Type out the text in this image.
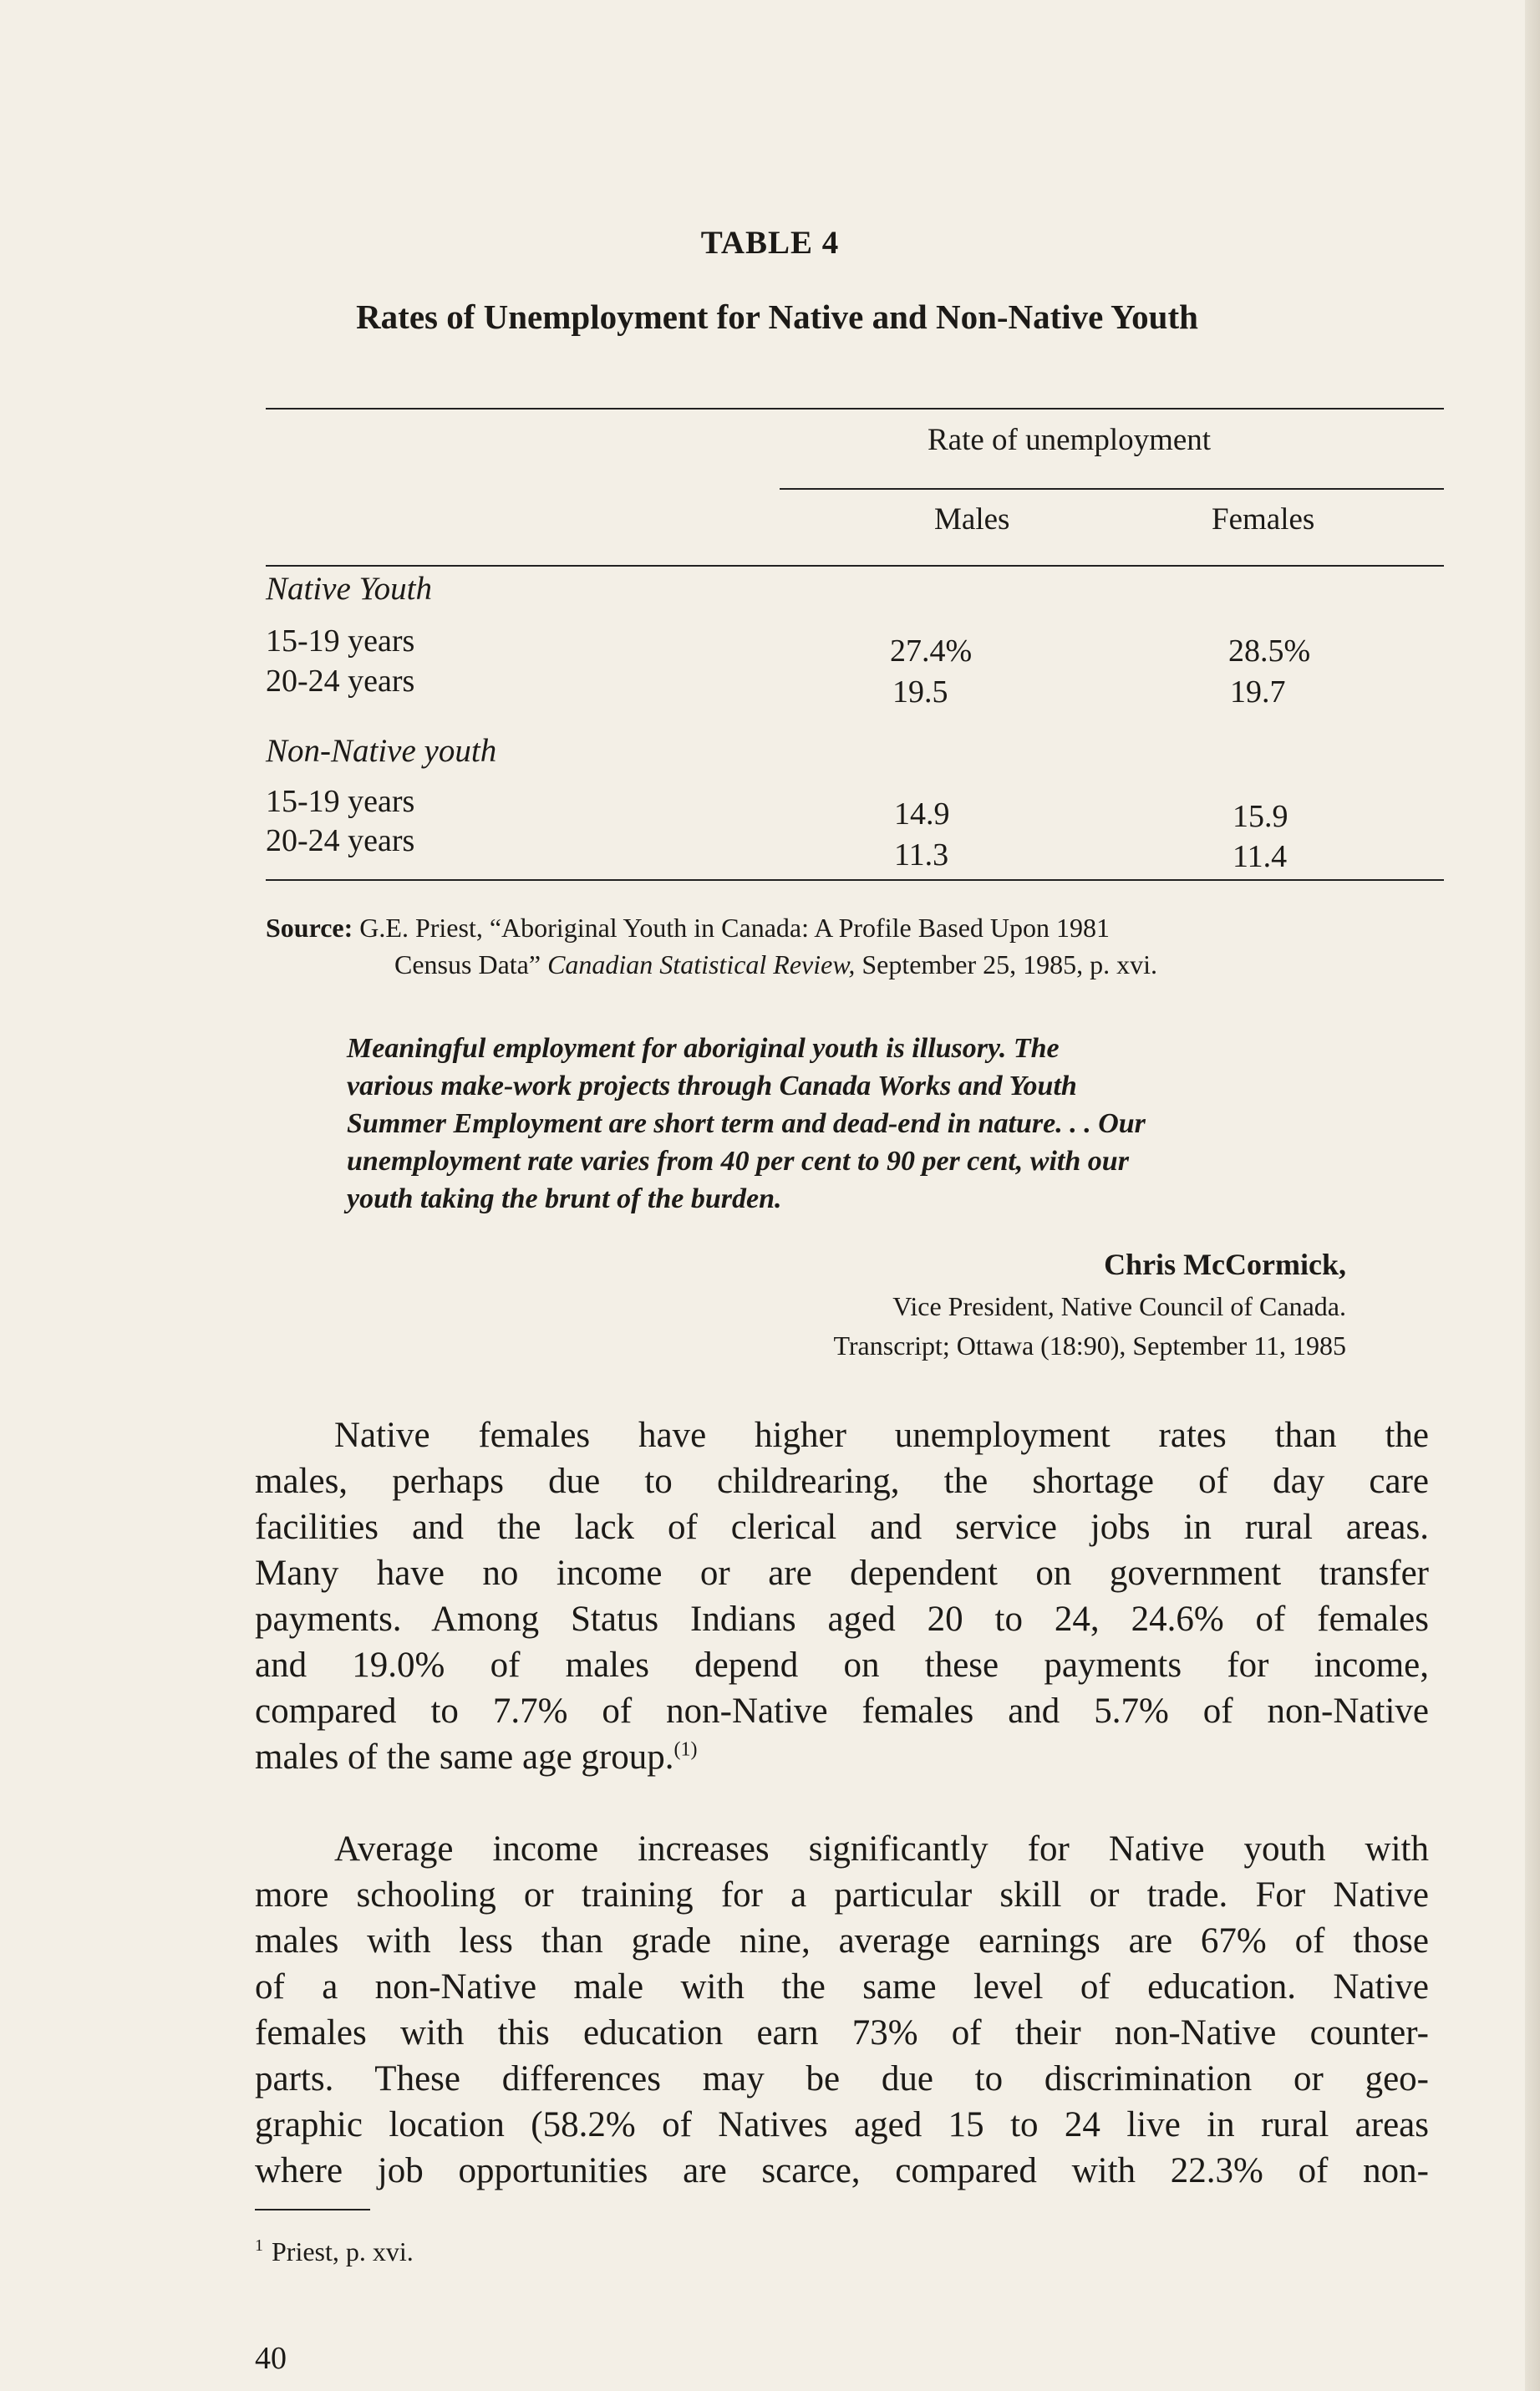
TABLE 4
Rates of Unemployment for Native and Non-Native Youth
Rate of unemployment
Males	Females
Native Youth
15-19 years	27.4%	28.5%
20-24 years	19.5	19.7
Non-Native youth
15-19 years	14.9	15.9
20-24 years	11.3	11.4
Source: G.E. Priest, “Aboriginal Youth in Canada: A Profile Based Upon 1981
Census Data” Canadian Statistical Review, September 25, 1985, p. xvi.
Meaningful employment for aboriginal youth is illusory. The
various make-work projects through Canada Works and Youth
Summer Employment are short term and dead-end in nature. . . Our
unemployment rate varies from 40 per cent to 90 per cent, with our
youth taking the brunt of the burden.
Chris McCormick,
Vice President, Native Council of Canada.
Transcript; Ottawa (18:90), September 11, 1985
Native females have higher unemployment rates than the
males, perhaps due to childrearing, the shortage of day care
facilities and the lack of clerical and service jobs in rural areas.
Many have no income or are dependent on government transfer
payments. Among Status Indians aged 20 to 24, 24.6% of females
and 19.0% of males depend on these payments for income,
compared to 7.7% of non-Native females and 5.7% of non-Native
males of the same age group.$^{(1)}$
Average income increases significantly for Native youth with
more schooling or training for a particular skill or trade. For Native
males with less than grade nine, average earnings are 67% of those
of a non-Native male with the same level of education. Native
females with this education earn 73% of their non-Native counter-
parts. These differences may be due to discrimination or geo-
graphic location (58.2% of Natives aged 15 to 24 live in rural areas
where job opportunities are scarce, compared with 22.3% of non-
$^1$ Priest, p. xvi.
40
